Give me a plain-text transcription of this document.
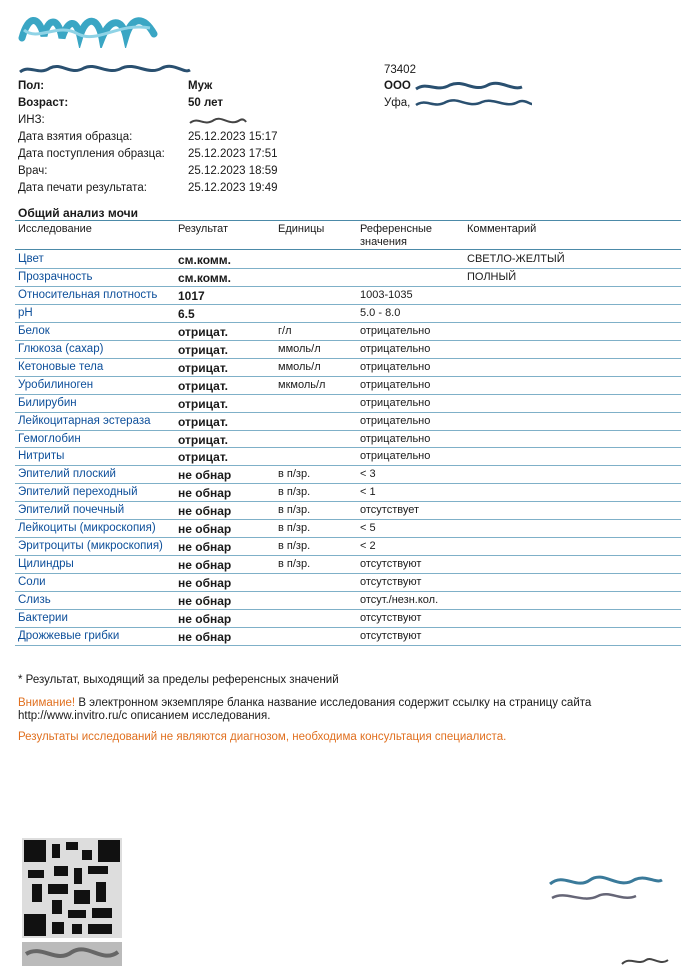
Пол:	Муж
Возраст:	50 лет
ИНЗ:
Дата взятия образца:	25.12.2023 15:17
Дата поступления образца: 25.12.2023 17:51
Врач:	25.12.2023 18:59
Дата печати результата:	25.12.2023 19:49
73402
ООО
Уфа,
Общий анализ мочи
Исследование	Результат	Единицы	Референсные
значения
Комментарий
Цвет	см.комм.	СВЕТЛО-ЖЕЛТЫЙ
Прозрачность	см.комм.	ПОЛНЫЙ
Относительная плотность 1017	1003-1035
pH	6.5	5.0 - 8.0
Белок	отрицат.	г/л	отрицательно
Глюкоза (сахар)	отрицат.	ммоль/л	отрицательно
Кетоновые тела	отрицат.	ммоль/л	отрицательно
Уробилиноген	отрицат.	мкмоль/л	отрицательно
Билирубин	отрицат.	отрицательно
Лейкоцитарная эстераза отрицат.	отрицательно
Гемоглобин	отрицат.	отрицательно
Нитриты	отрицат.	отрицательно
Эпителий плоский	не обнар	в п/зр.	< 3
Эпителий переходный	не обнар	в п/зр.	< 1
Эпителий почечный	не обнар	в п/зр.	отсутствует
Лейкоциты (микроскопия) не обнар	в п/зр.	< 5
Эритроциты (микроскопия) не обнар	в п/зр.	< 2
Цилиндры	не обнар	в п/зр.	отсутствуют
Соли	не обнар	отсутствуют
Слизь	не обнар	отсут./незн.кол.
Бактерии	не обнар	отсутствуют
Дрожжевые грибки	не обнар	отсутствуют
* Результат, выходящий за пределы референсных значений
Внимание! В электронном экземпляре бланка название исследования содержит ссылку на страницу сайта
http://www.invitro.ru/с описанием исследования.
Результаты исследований не являются диагнозом, необходима консультация специалиста.
